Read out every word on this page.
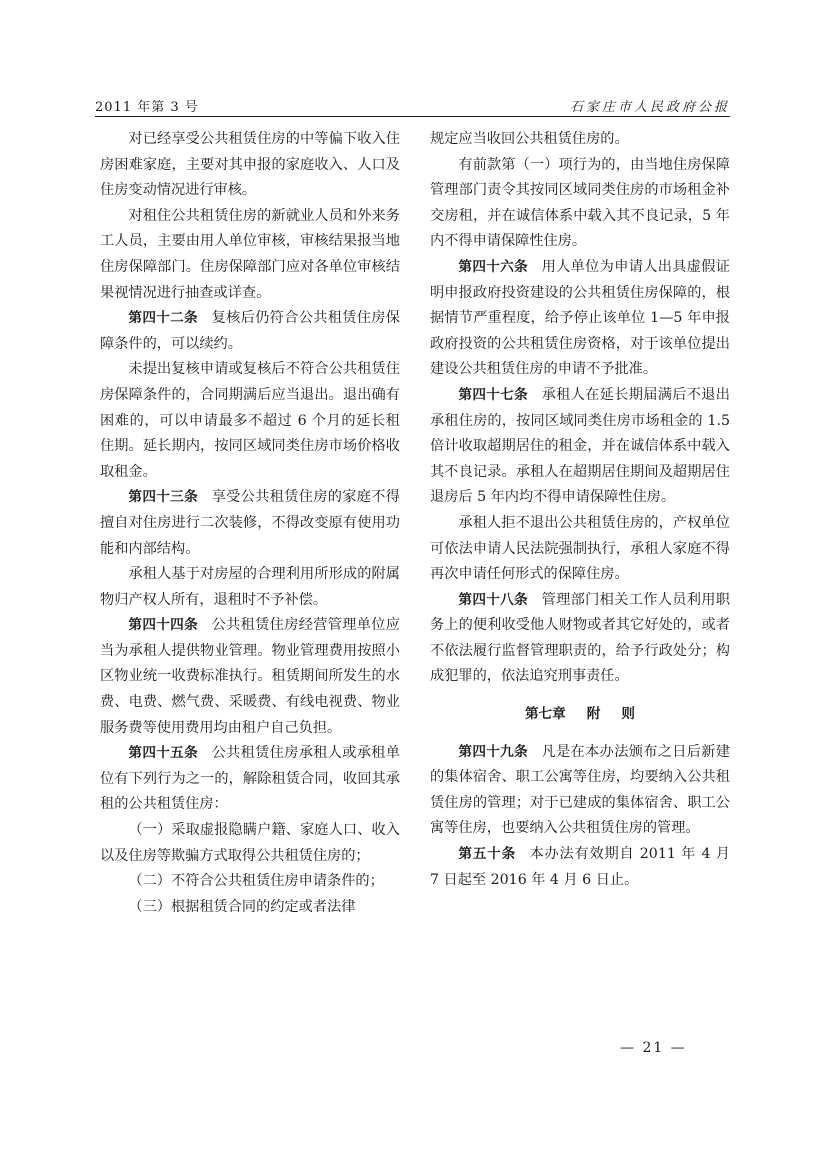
2011 年第 3 号	石家庄市人民政府公报

对已经享受公共租赁住房的中等偏下收入住房困难家庭，主要对其申报的家庭收入、人口及住房变动情况进行审核。

对租住公共租赁住房的新就业人员和外来务工人员，主要由用人单位审核，审核结果报当地住房保障部门。住房保障部门应对各单位审核结果视情况进行抽查或详查。

第四十二条 复核后仍符合公共租赁住房保障条件的，可以续约。

未提出复核申请或复核后不符合公共租赁住房保障条件的，合同期满后应当退出。退出确有困难的，可以申请最多不超过 6 个月的延长租住期。延长期内，按同区域同类住房市场价格收取租金。

第四十三条 享受公共租赁住房的家庭不得擅自对住房进行二次装修，不得改变原有使用功能和内部结构。

承租人基于对房屋的合理利用所形成的附属物归产权人所有，退租时不予补偿。

第四十四条 公共租赁住房经营管理单位应当为承租人提供物业管理。物业管理费用按照小区物业统一收费标准执行。租赁期间所发生的水费、电费、燃气费、采暖费、有线电视费、物业服务费等使用费用均由租户自己负担。

第四十五条 公共租赁住房承租人或承租单位有下列行为之一的，解除租赁合同，收回其承租的公共租赁住房：

（一）采取虚报隐瞒户籍、家庭人口、收入以及住房等欺骗方式取得公共租赁住房的；

（二）不符合公共租赁住房申请条件的；

（三）根据租赁合同的约定或者法律

规定应当收回公共租赁住房的。

有前款第（一）项行为的，由当地住房保障管理部门责令其按同区域同类住房的市场租金补交房租，并在诚信体系中载入其不良记录，5 年内不得申请保障性住房。

第四十六条 用人单位为申请人出具虚假证明申报政府投资建设的公共租赁住房保障的，根据情节严重程度，给予停止该单位 1—5 年申报政府投资的公共租赁住房资格，对于该单位提出建设公共租赁住房的申请不予批准。

第四十七条 承租人在延长期届满后不退出承租住房的，按同区域同类住房市场租金的 1.5 倍计收取超期居住的租金，并在诚信体系中载入其不良记录。承租人在超期居住期间及超期居住退房后 5 年内均不得申请保障性住房。

承租人拒不退出公共租赁住房的，产权单位可依法申请人民法院强制执行，承租人家庭不得再次申请任何形式的保障住房。

第四十八条 管理部门相关工作人员利用职务上的便利收受他人财物或者其它好处的，或者不依法履行监督管理职责的，给予行政处分；构成犯罪的，依法追究刑事责任。

第七章 附 则

第四十九条 凡是在本办法颁布之日后新建的集体宿舍、职工公寓等住房，均要纳入公共租赁住房的管理；对于已建成的集体宿舍、职工公寓等住房，也要纳入公共租赁住房的管理。

第五十条 本办法有效期自 2011 年 4 月 7 日起至 2016 年 4 月 6 日止。

— 21 —
